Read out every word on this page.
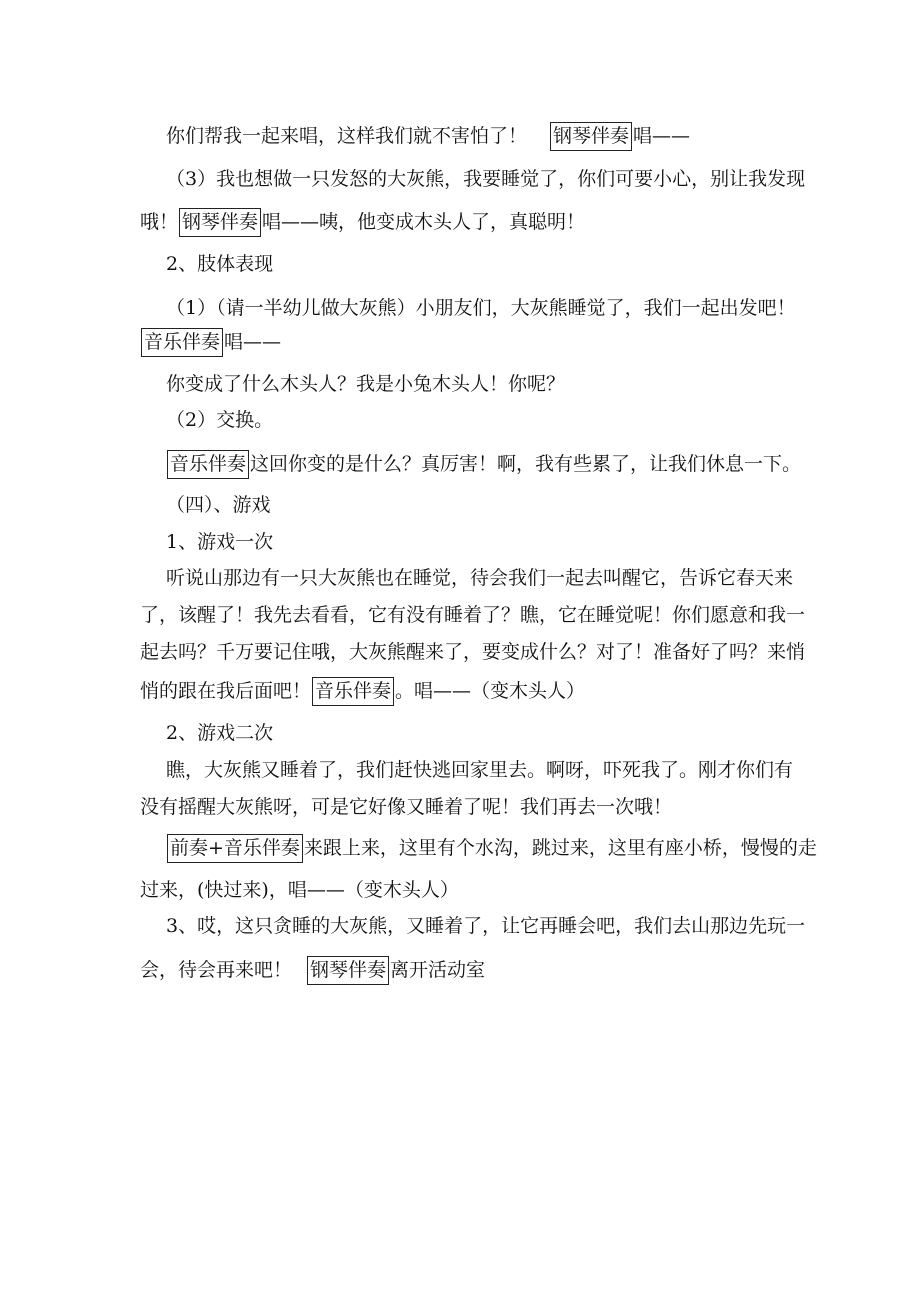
你们帮我一起来唱，这样我们就不害怕了！ 钢琴伴奏 唱——
（3）我也想做一只发怒的大灰熊，我要睡觉了，你们可要小心，别让我发现
哦！ 钢琴伴奏 唱——咦，他变成木头人了，真聪明！
2、肢体表现
（1）（请一半幼儿做大灰熊）小朋友们，大灰熊睡觉了，我们一起出发吧！
音乐伴奏 唱——
你变成了什么木头人？我是小兔木头人！你呢？
（2）交换。
音乐伴奏 这回你变的是什么？真厉害！啊，我有些累了，让我们休息一下。
（四）、游戏
1、游戏一次
听说山那边有一只大灰熊也在睡觉，待会我们一起去叫醒它，告诉它春天来
了，该醒了！我先去看看，它有没有睡着了？瞧，它在睡觉呢！你们愿意和我一
起去吗？千万要记住哦，大灰熊醒来了，要变成什么？对了！准备好了吗？来悄
悄的跟在我后面吧！ 音乐伴奏 。唱——（变木头人）
2、游戏二次
瞧，大灰熊又睡着了，我们赶快逃回家里去。啊呀，吓死我了。刚才你们有
没有摇醒大灰熊呀，可是它好像又睡着了呢！我们再去一次哦！
前奏+音乐伴奏 来跟上来，这里有个水沟，跳过来，这里有座小桥，慢慢的走
过来，(快过来)，唱——（变木头人）
3、哎，这只贪睡的大灰熊，又睡着了，让它再睡会吧，我们去山那边先玩一
会，待会再来吧！ 钢琴伴奏 离开活动室
